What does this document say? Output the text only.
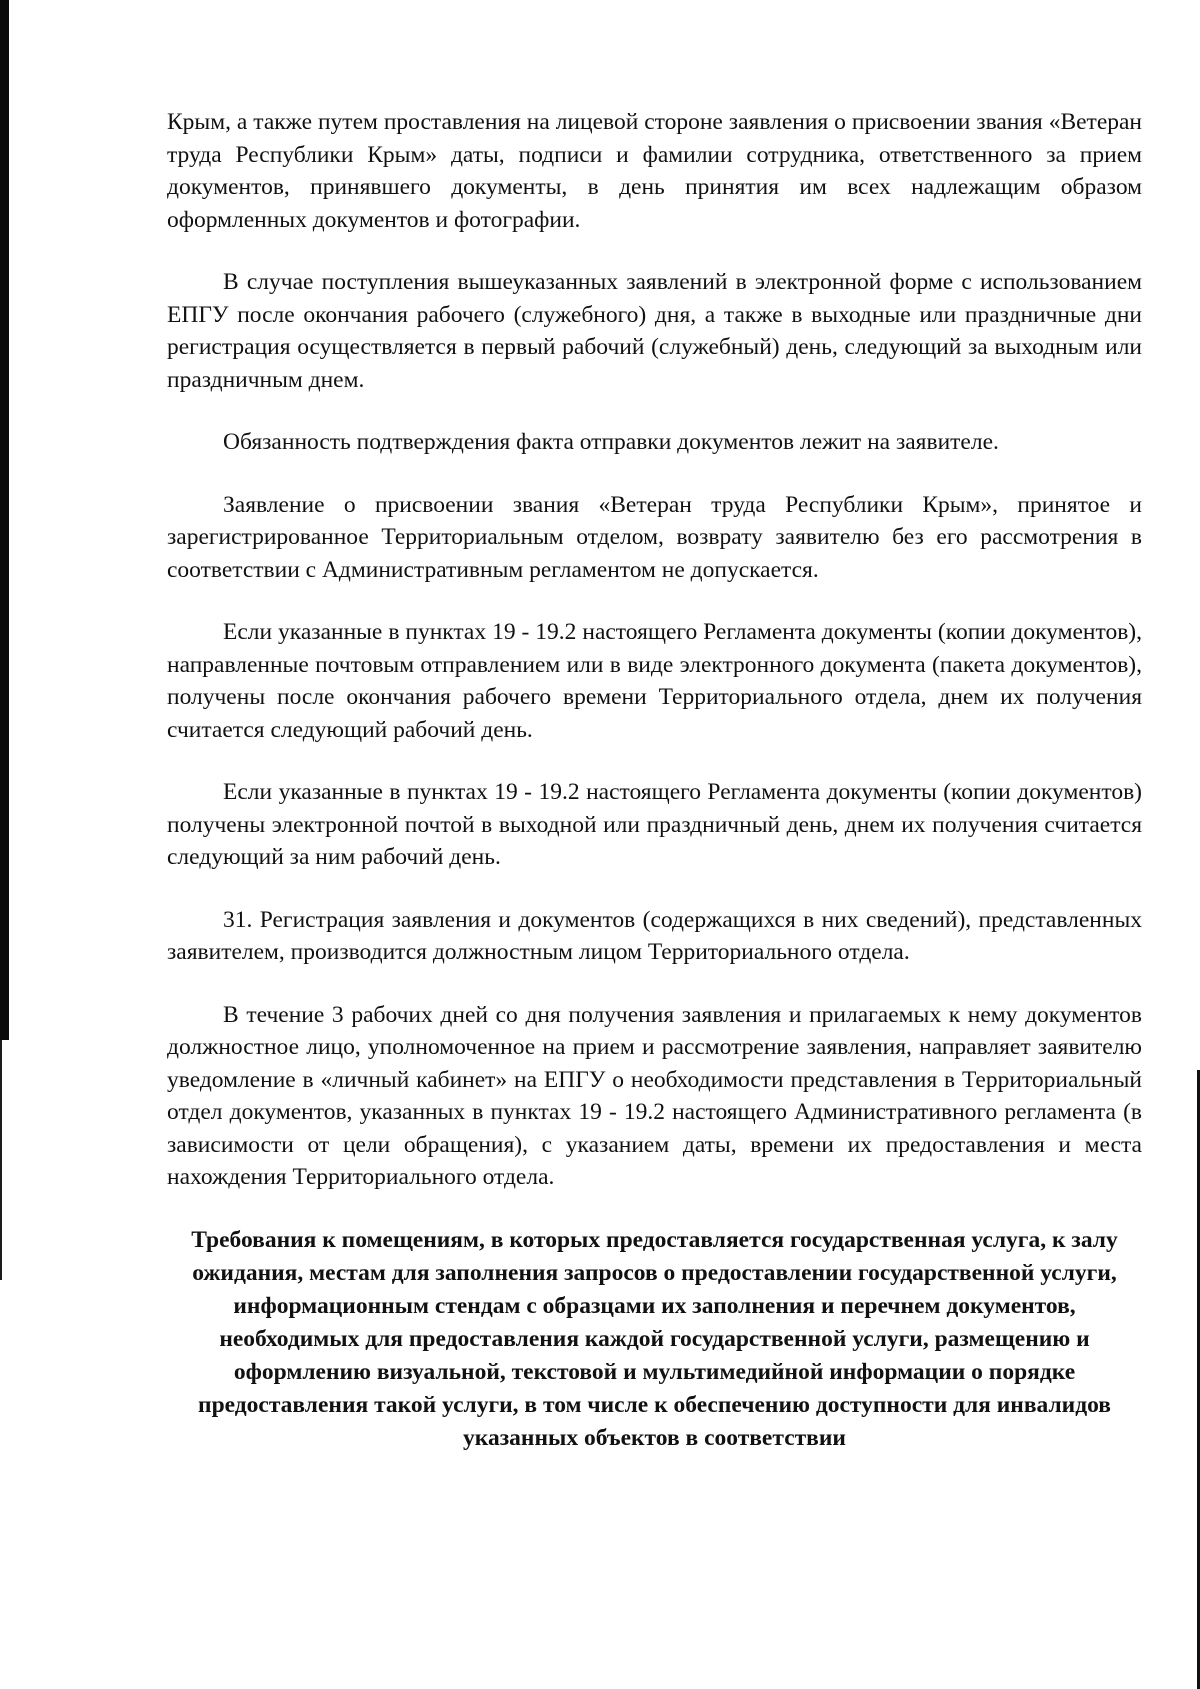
Крым, а также путем проставления на лицевой стороне заявления о присвоении звания «Ветеран труда Республики Крым» даты, подписи и фамилии сотрудника, ответственного за прием документов, принявшего документы, в день принятия им всех надлежащим образом оформленных документов и фотографии.

В случае поступления вышеуказанных заявлений в электронной форме с использованием ЕПГУ после окончания рабочего (служебного) дня, а также в выходные или праздничные дни регистрация осуществляется в первый рабочий (служебный) день, следующий за выходным или праздничным днем.

Обязанность подтверждения факта отправки документов лежит на заявителе.

Заявление о присвоении звания «Ветеран труда Республики Крым», принятое и зарегистрированное Территориальным отделом, возврату заявителю без его рассмотрения в соответствии с Административным регламентом не допускается.

Если указанные в пунктах 19 - 19.2 настоящего Регламента документы (копии документов), направленные почтовым отправлением или в виде электронного документа (пакета документов), получены после окончания рабочего времени Территориального отдела, днем их получения считается следующий рабочий день.

Если указанные в пунктах 19 - 19.2 настоящего Регламента документы (копии документов) получены электронной почтой в выходной или праздничный день, днем их получения считается следующий за ним рабочий день.

31. Регистрация заявления и документов (содержащихся в них сведений), представленных заявителем, производится должностным лицом Территориального отдела.

В течение 3 рабочих дней со дня получения заявления и прилагаемых к нему документов должностное лицо, уполномоченное на прием и рассмотрение заявления, направляет заявителю уведомление в «личный кабинет» на ЕПГУ о необходимости представления в Территориальный отдел документов, указанных в пунктах 19 - 19.2 настоящего Административного регламента (в зависимости от цели обращения), с указанием даты, времени их предоставления и места нахождения Территориального отдела.

Требования к помещениям, в которых предоставляется государственная услуга, к залу ожидания, местам для заполнения запросов о предоставлении государственной услуги, информационным стендам с образцами их заполнения и перечнем документов, необходимых для предоставления каждой государственной услуги, размещению и оформлению визуальной, текстовой и мультимедийной информации о порядке предоставления такой услуги, в том числе к обеспечению доступности для инвалидов указанных объектов в соответствии
